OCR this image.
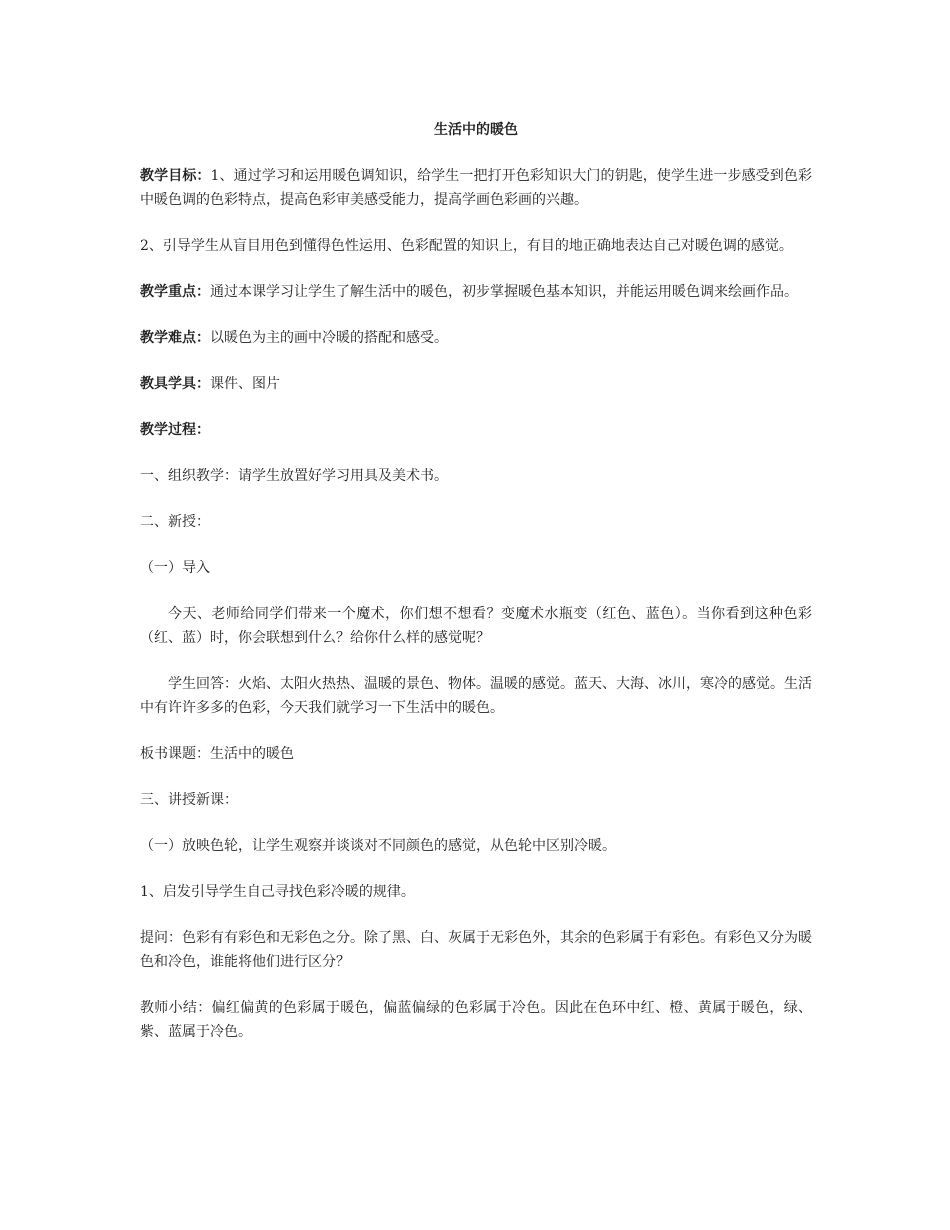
生活中的暖色
教学目标：1、通过学习和运用暖色调知识，给学生一把打开色彩知识大门的钥匙，使学生进一步感受到色彩中暖色调的色彩特点，提高色彩审美感受能力，提高学画色彩画的兴趣。
2、引导学生从盲目用色到懂得色性运用、色彩配置的知识上，有目的地正确地表达自己对暖色调的感觉。
教学重点：通过本课学习让学生了解生活中的暖色，初步掌握暖色基本知识，并能运用暖色调来绘画作品。
教学难点：以暖色为主的画中冷暖的搭配和感受。
教具学具：课件、图片
教学过程：
一、组织教学：请学生放置好学习用具及美术书。
二、新授：
（一）导入
今天、老师给同学们带来一个魔术，你们想不想看？变魔术水瓶变（红色、蓝色）。当你看到这种色彩（红、蓝）时，你会联想到什么？给你什么样的感觉呢？
学生回答：火焰、太阳火热热、温暖的景色、物体。温暖的感觉。蓝天、大海、冰川，寒冷的感觉。生活中有许许多多的色彩，今天我们就学习一下生活中的暖色。
板书课题：生活中的暖色
三、讲授新课：
（一）放映色轮，让学生观察并谈谈对不同颜色的感觉，从色轮中区别冷暖。
1、启发引导学生自己寻找色彩冷暖的规律。
提问：色彩有有彩色和无彩色之分。除了黑、白、灰属于无彩色外，其余的色彩属于有彩色。有彩色又分为暖色和冷色，谁能将他们进行区分？
教师小结：偏红偏黄的色彩属于暖色，偏蓝偏绿的色彩属于冷色。因此在色环中红、橙、黄属于暖色，绿、紫、蓝属于冷色。
